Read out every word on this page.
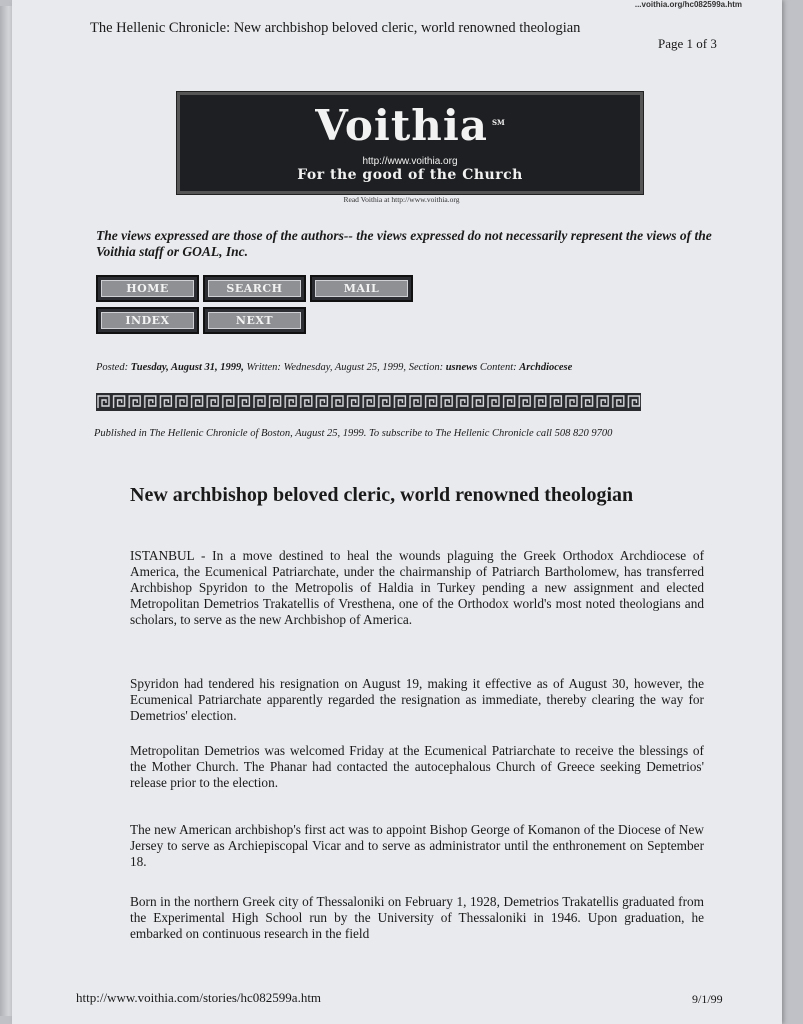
...voithia.org/hc082599a.htm
The Hellenic Chronicle: New archbishop beloved cleric, world renowned theologian
Page 1 of 3
Voithia ℠
http://www.voithia.org
For the good of the Church
Read Voithia at http://www.voithia.org
The views expressed are those of the authors-- the views expressed do not necessarily represent the views of the Voithia staff or GOAL, Inc.
HOME	SEARCH	MAIL
INDEX	NEXT
Posted: Tuesday, August 31, 1999, Written: Wednesday, August 25, 1999, Section: usnews Content: Archdiocese
Published in The Hellenic Chronicle of Boston, August 25, 1999. To subscribe to The Hellenic Chronicle call 508 820 9700
New archbishop beloved cleric, world renowned theologian
ISTANBUL - In a move destined to heal the wounds plaguing the Greek Orthodox Archdiocese of America, the Ecumenical Patriarchate, under the chairmanship of Patriarch Bartholomew, has transferred Archbishop Spyridon to the Metropolis of Haldia in Turkey pending a new assignment and elected Metropolitan Demetrios Trakatellis of Vresthena, one of the Orthodox world's most noted theologians and scholars, to serve as the new Archbishop of America.
Spyridon had tendered his resignation on August 19, making it effective as of August 30, however, the Ecumenical Patriarchate apparently regarded the resignation as immediate, thereby clearing the way for Demetrios' election.
Metropolitan Demetrios was welcomed Friday at the Ecumenical Patriarchate to receive the blessings of the Mother Church. The Phanar had contacted the autocephalous Church of Greece seeking Demetrios' release prior to the election.
The new American archbishop's first act was to appoint Bishop George of Komanon of the Diocese of New Jersey to serve as Archiepiscopal Vicar and to serve as administrator until the enthronement on September 18.
Born in the northern Greek city of Thessaloniki on February 1, 1928, Demetrios Trakatellis graduated from the Experimental High School run by the University of Thessaloniki in 1946. Upon graduation, he embarked on continuous research in the field
http://www.voithia.com/stories/hc082599a.htm	9/1/99
